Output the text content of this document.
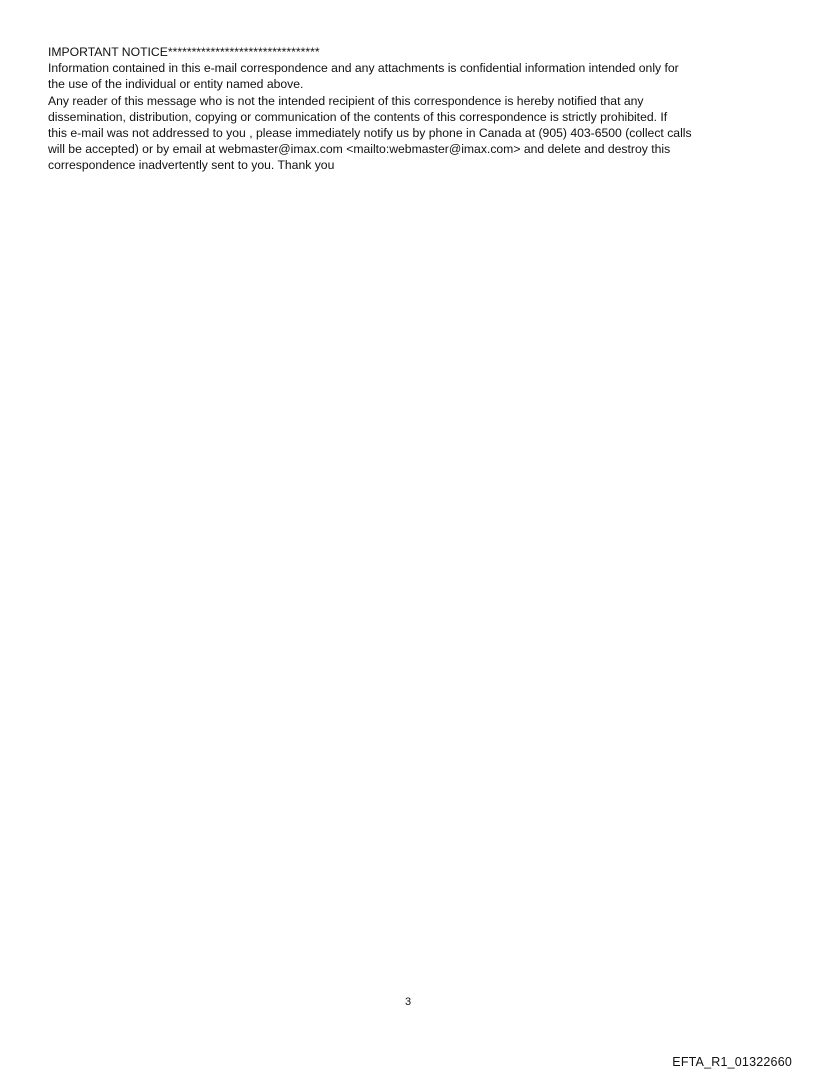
IMPORTANT NOTICE********************************
Information contained in this e-mail correspondence and any attachments is confidential information intended only for
the use of the individual or entity named above.
Any reader of this message who is not the intended recipient of this correspondence is hereby notified that any
dissemination, distribution, copying or communication of the contents of this correspondence is strictly prohibited. If
this e-mail was not addressed to you , please immediately notify us by phone in Canada at (905) 403-6500 (collect calls
will be accepted) or by email at webmaster@imax.com <mailto:webmaster@imax.com> and delete and destroy this
correspondence inadvertently sent to you. Thank you
3
EFTA_R1_01322660
